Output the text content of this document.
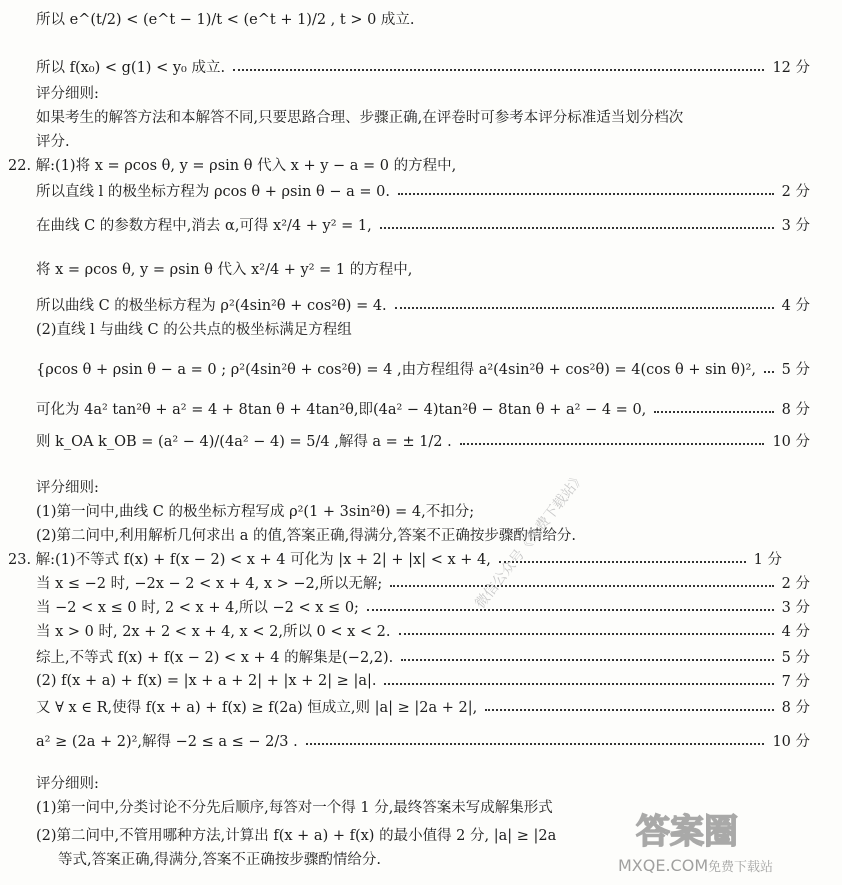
所以 e^(t/2) < (e^t − 1)/t < (e^t + 1)/2 , t > 0 成立.
所以 f(x₀) < g(1) < y₀ 成立.	12 分
评分细则:
如果考生的解答方法和本解答不同,只要思路合理、步骤正确,在评卷时可参考本评分标准适当划分档次
评分.
22. 解:(1)将 x = ρcos θ, y = ρsin θ 代入 x + y − a = 0 的方程中,
所以直线 l 的极坐标方程为 ρcos θ + ρsin θ − a = 0.	2 分
在曲线 C 的参数方程中,消去 α,可得 x²/4 + y² = 1,	3 分
将 x = ρcos θ, y = ρsin θ 代入 x²/4 + y² = 1 的方程中,
所以曲线 C 的极坐标方程为 ρ²(4sin²θ + cos²θ) = 4.	4 分
(2)直线 l 与曲线 C 的公共点的极坐标满足方程组
{ρcos θ + ρsin θ − a = 0 ; ρ²(4sin²θ + cos²θ) = 4 ,由方程组得 a²(4sin²θ + cos²θ) = 4(cos θ + sin θ)², 5 分
可化为 4a² tan²θ + a² = 4 + 8tan θ + 4tan²θ,即(4a² − 4)tan²θ − 8tan θ + a² − 4 = 0,	8 分
则 k_OA k_OB = (a² − 4)/(4a² − 4) = 5/4 ,解得 a = ± 1/2 .	10 分
评分细则:
(1)第一问中,曲线 C 的极坐标方程写成 ρ²(1 + 3sin²θ) = 4,不扣分;
(2)第二问中,利用解析几何求出 a 的值,答案正确,得满分,答案不正确按步骤酌情给分.
23. 解:(1)不等式 f(x) + f(x − 2) < x + 4 可化为 |x + 2| + |x| < x + 4,	1 分
当 x ≤ −2 时, −2x − 2 < x + 4, x > −2,所以无解;	2 分
当 −2 < x ≤ 0 时, 2 < x + 4,所以 −2 < x ≤ 0;	3 分
当 x > 0 时, 2x + 2 < x + 4, x < 2,所以 0 < x < 2.	4 分
综上,不等式 f(x) + f(x − 2) < x + 4 的解集是(−2,2).	5 分
(2) f(x + a) + f(x) = |x + a + 2| + |x + 2| ≥ |a|.	7 分
又 ∀ x ∈ R,使得 f(x + a) + f(x) ≥ f(2a) 恒成立,则 |a| ≥ |2a + 2|,	8 分
a² ≥ (2a + 2)²,解得 −2 ≤ a ≤ − 2/3 .	10 分
评分细则:
(1)第一问中,分类讨论不分先后顺序,每答对一个得 1 分,最终答案未写成解集形式
(2)第二问中,不管用哪种方法,计算出 f(x + a) + f(x) 的最小值得 2 分, |a| ≥ |2a
等式,答案正确,得满分,答案不正确按步骤酌情给分.
微信公众号《免费下载站》
答案圈
MXQE.COM 免费下载站
